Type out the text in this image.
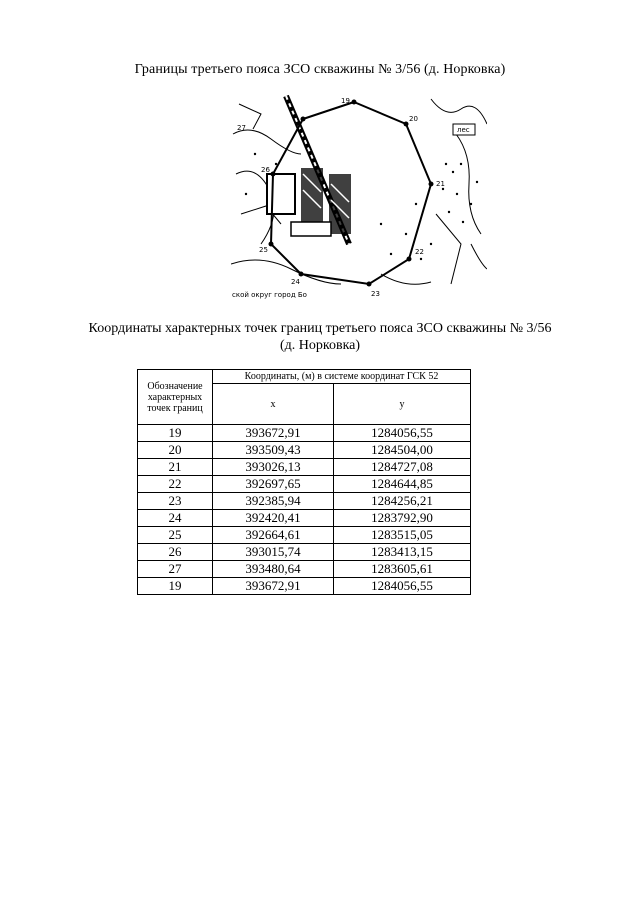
Границы третьего пояса ЗСО скважины № 3/56 (д. Норковка)
19
20
21
22
23
24
25
26
27	лес
ской округ город Бо
Координаты характерных точек границ третьего пояса ЗСО скважины № 3/56
(д. Норковка)
Обозначение характерных точек границ	Координаты, (м) в системе координат ГСК 52	
	x	y
19	393672,91	1284056,55
20	393509,43	1284504,00
21	393026,13	1284727,08
22	392697,65	1284644,85
23	392385,94	1284256,21
24	392420,41	1283792,90
25	392664,61	1283515,05
26	393015,74	1283413,15
27	393480,64	1283605,61
19	393672,91	1284056,55
